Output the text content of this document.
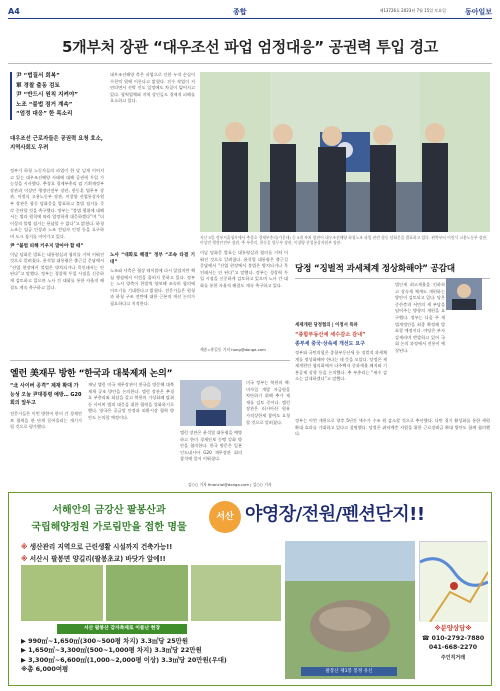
A4	종합	제13726호 2023년 7월 15일 토요일	동아일보
5개부처 장관 “대우조선 파업 엄정대응” 공권력 투입 경고
尹 “법질서 회복”
軍 경찰 출동 검토
尹 “반드시 원칙 지켜야”
노조 “불법 점거 계속”
“엄정 대응” 한 목소리
대우조선 근로자들은 공권력 요청 호소, 지역사회도 우려

정부가 하청 노동자들의 파업이 한 달 넘게 이어지고 있는 대우조선해양 사태에 대해 공권력 투입 가능성을 시사했다. 추경호 경제부총리 겸 기획재정부 장관과 이상민 행정안전부 장관, 한동훈 법무부 장관, 이정식 고용노동부 장관, 이창양 산업통상자원부 장관은 합동 담화문을 발표하고 불법 점거를 즉각 중단할 것을 촉구했다. 정부는 “불법 행위에 대해서는 법과 원칙에 따라 엄정하게 대응하겠다”며 “더 이상의 불법 점거는 용납할 수 없다”고 밝혔다. 하청 노조는 임금 인상과 노조 전임자 인정 등을 요구하며 도크 점거를 이어가고 있다.

尹 “불법 피해 키우지 말아야 할 때”

이날 담화문 발표는 대통령실과 협의를 거쳐 이뤄진 것으로 알려졌다. 윤석열 대통령은 출근길 문답에서 “산업 현장에서 불법은 방치되거나 묵인돼서는 안 된다”고 말했다. 정부는 경찰력 투입 시점을 신중하게 검토하고 있으며 노사 간 대화를 통한 자율적 해결도 계속 촉구하고 있다.

대우조선해양 측은 파업으로 인한 누적 손실이 수천억 원에 이른다고 밝혔다. 진수 작업이 지연되면서 선박 인도 일정에도 차질이 빚어지고 있다. 협력업체와 지역 상인들도 경제적 피해를 호소하고 있다.

지난 5일 정부서울청사에서 추경호 경제부총리(가운데) 등 5개 부처 장관이 대우조선해양 하청노조 파업 관련 합동 담화문을 발표하고 있다. 왼쪽부터 이정식 고용노동부 장관, 이상민 행정안전부 장관, 추 부총리, 한동훈 법무부 장관, 이창양 산업통상자원부 장관.
노사 “대화로 해결” 정부 “조속 타결 기대”

노조와 사측은 협상 테이블에 다시 앉았지만 핵심 쟁점에서 이견을 좁히지 못하고 있다. 정부는 노사 양측이 한발씩 양보해 조속히 합의에 이르기를 기대한다고 밝혔다. 전문가들은 원청과 하청 구조 전반에 대한 근본적 개선 논의가 필요하다고 지적한다.

이날 담화문 발표는 대통령실과 협의를 거쳐 이뤄진 것으로 알려졌다. 윤석열 대통령은 출근길 문답에서 “산업 현장에서 불법은 방치되거나 묵인돼서는 안 된다”고 말했다. 정부는 경찰력 투입 시점을 신중하게 검토하고 있으며 노사 간 대화를 통한 자율적 해결도 계속 촉구하고 있다.

세종=홍길동 기자 hong@donga.com
당정 “징벌적 과세체계 정상화해야” 공감대
세제개편 당정협의 | 이정서 특파
“종합부동산세 세수감소 감내”
종부세 중국·상속세 개선도 요구

정부와 국민의힘은 종합부동산세 등 징벌적 과세체계를 정상화해야 한다는 데 뜻을 모았다. 당정은 세제개편안 협의회에서 다주택자 중과세율 폐지와 기본공제 상향 등을 논의했다. 추 부총리는 “세수 감소는 감내하겠다”고 말했다.

법인세 최고세율을 인하하고 상속세 체계도 개편하는 방안이 검토되고 있다. 당은 중산층과 서민의 세 부담을 덜어주는 방향의 개편을 요구했다. 정부는 다음 주 세법개정안을 최종 확정해 발표할 예정이다. 야당은 부자 감세라며 반발하고 있어 국회 논의 과정에서 진통이 예상된다.

정부는 이번 개편으로 향후 5년간 세수가 수조 원 감소할 것으로 추산했다. 다만 경기 활성화를 통한 세원 확대 효과를 기대하고 있다고 설명했다. 당정은 취약계층 지원을 위한 근로장려금 확대 방안도 함께 협의했다.

옐런 美재무 방한 “한국과 대북제재 논의”
“北 사이버 공격” 제재 확대 가능성 오늘 尹대통령 예방… G20 회의 앞두고

전문가들은 이번 방한이 한미 간 경제안보 협력을 한 단계 끌어올리는 계기가 될 것으로 평가했다.

재닛 옐런 미국 재무장관이 한국을 방문해 대북제재 공조 방안을 논의한다. 옐런 장관은 추경호 부총리와 회담을 갖고 북한의 가상화폐 탈취 등 사이버 범죄 대응을 위한 협력을 강화하기로 했다. 양국은 공급망 안정과 외환시장 협력 방안도 논의할 예정이다.

옐런 장관은 윤석열 대통령을 예방하고 한미 경제안보 동맹 강화 방안을 협의한다. 한국 방문은 일본 인도네시아 G20 재무장관 회의 참석에 앞서 이뤄졌다.

미국 정부는 북한의 핵·미사일 개발 자금원을 차단하기 위해 추가 제재를 검토 중이다. 옐런 장관은 러시아산 원유 가격상한제 참여도 요청할 것으로 알려졌다.

김○○ 기자 financial@donga.com | 김○○ 기자
서해안의 금강산 팔봉산과
국립해양정원 가로림만을 접한 명물
서산 야영장/전원/펜션단지!!
※ 생산관리 지역으로 근린생활 시설까지 건축가능!!
※ 서산시 팔봉면 양길리(팔봉초교) 바닷가 앞에!!
서산 팔봉산 감자축제로 이름난 현장
▶ 990㎡~1,650㎡(300~500평 차지) 3.3㎡당 25만원
▶ 1,650㎡~3,300㎡(500~1,000평 차지) 3.3㎡당 22만원
▶ 3,300㎡~6,600㎡(1,000~2,000평 이상) 3.3㎡당 20만원(우대)
※총 6,000여평	팔봉산 제1봉 봉정 유신
※분양상담※
☎ 010-2792-7880
041-668-2270
주인직거래
